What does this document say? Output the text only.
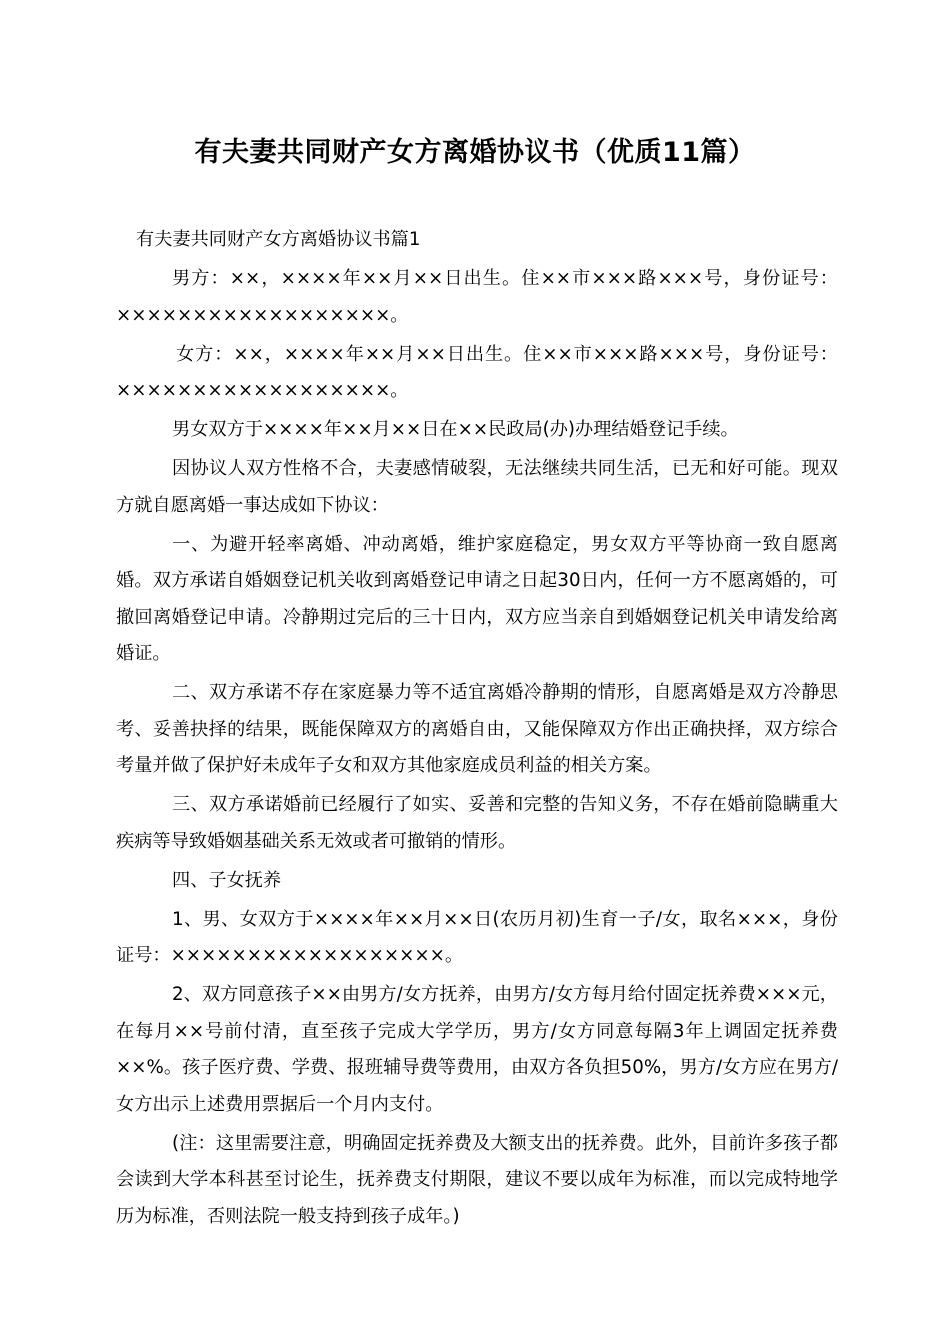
有夫妻共同财产女方离婚协议书（优质11篇）

有夫妻共同财产女方离婚协议书篇1

男方：××，××××年××月××日出生。住××市×××路×××号，身份证号：××××××××××××××××××。

女方：××，××××年××月××日出生。住××市×××路×××号，身份证号：××××××××××××××××××。

男女双方于××××年××月××日在××民政局(办)办理结婚登记手续。

因协议人双方性格不合，夫妻感情破裂，无法继续共同生活，已无和好可能。现双方就自愿离婚一事达成如下协议：

一、为避开轻率离婚、冲动离婚，维护家庭稳定，男女双方平等协商一致自愿离婚。双方承诺自婚姻登记机关收到离婚登记申请之日起30日内，任何一方不愿离婚的，可撤回离婚登记申请。冷静期过完后的三十日内，双方应当亲自到婚姻登记机关申请发给离婚证。

二、双方承诺不存在家庭暴力等不适宜离婚冷静期的情形，自愿离婚是双方冷静思考、妥善抉择的结果，既能保障双方的离婚自由，又能保障双方作出正确抉择，双方综合考量并做了保护好未成年子女和双方其他家庭成员利益的相关方案。

三、双方承诺婚前已经履行了如实、妥善和完整的告知义务，不存在婚前隐瞒重大疾病等导致婚姻基础关系无效或者可撤销的情形。

四、子女抚养

1、男、女双方于××××年××月××日(农历月初)生育一子/女，取名×××，身份证号：××××××××××××××××××。

2、双方同意孩子××由男方/女方抚养，由男方/女方每月给付固定抚养费×××元，在每月××号前付清，直至孩子完成大学学历，男方/女方同意每隔3年上调固定抚养费××%。孩子医疗费、学费、报班辅导费等费用，由双方各负担50%，男方/女方应在男方/女方出示上述费用票据后一个月内支付。

(注：这里需要注意，明确固定抚养费及大额支出的抚养费。此外，目前许多孩子都会读到大学本科甚至讨论生，抚养费支付期限，建议不要以成年为标准，而以完成特地学历为标准，否则法院一般支持到孩子成年。)
